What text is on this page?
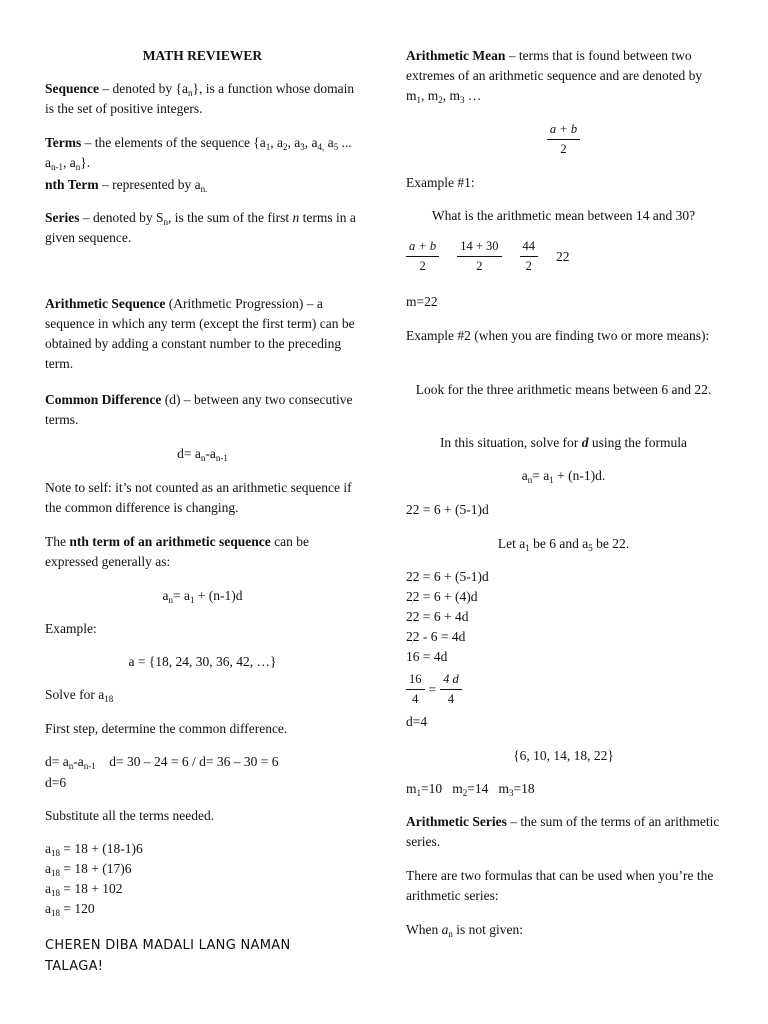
MATH REVIEWER
Sequence – denoted by $\{a_n\}$, is a function whose domain is the set of positive integers.
Terms – the elements of the sequence {$a_1$, $a_2$, $a_3$, $a_{4,}$ $a_5$ ... $a_{n-1}$, $a_n$}.
nth Term – represented by $a_{n.}$
Series – denoted by $S_n$, is the sum of the first n terms in a given sequence.
Arithmetic Sequence (Arithmetic Progression) – a sequence in which any term (except the first term) can be obtained by adding a constant number to the preceding term.
Common Difference (d) – between any two consecutive terms.
$d= a_n-a_{n-1}$
Note to self: it’s not counted as an arithmetic sequence if the common difference is changing.
The nth term of an arithmetic sequence can be expressed generally as:
$a_n= a_1 + (n-1)d$
Example:
a = {18, 24, 30, 36, 42, …}
Solve for $a_{18}$
First step, determine the common difference.
$d= a_n-a_{n-1}$    d= 30 – 24 = 6 / d= 36 – 30 = 6
d=6
Substitute all the terms needed.
$a_{18} = 18 + (18-1)6$
$a_{18} = 18 + (17)6$
$a_{18} = 18 + 102$
$a_{18} = 120$
CHEREN DIBA MADALI LANG NAMAN TALAGA!
Arithmetic Mean – terms that is found between two extremes of an arithmetic sequence and are denoted by $m_1$, $m_2$, $m_3$ …
$\frac{a + b}{2}$
Example #1:
What is the arithmetic mean between 14 and 30?
$\frac{a + b}{2} \frac{14 + 30}{2} \frac{44}{2} 22$
m=22
Example #2 (when you are finding two or more means):
Look for the three arithmetic means between 6 and 22.
In this situation, solve for d using the formula
$a_n= a_1 + (n-1)d$.
22 = 6 + (5-1)d
Let $a_1$ be 6 and $a_5$ be 22.
22 = 6 + (5-1)d
22 = 6 + (4)d
22 = 6 + 4d
22 - 6 = 4d
16 = 4d
$\frac{16}{4} = \frac{4 d}{4}$
d=4
{6, 10, 14, 18, 22}
$m_1=10$   $m_2=14$   $m_3=18$
Arithmetic Series – the sum of the terms of an arithmetic series.
There are two formulas that can be used when you’re the arithmetic series:
When $a_n$ is not given:
